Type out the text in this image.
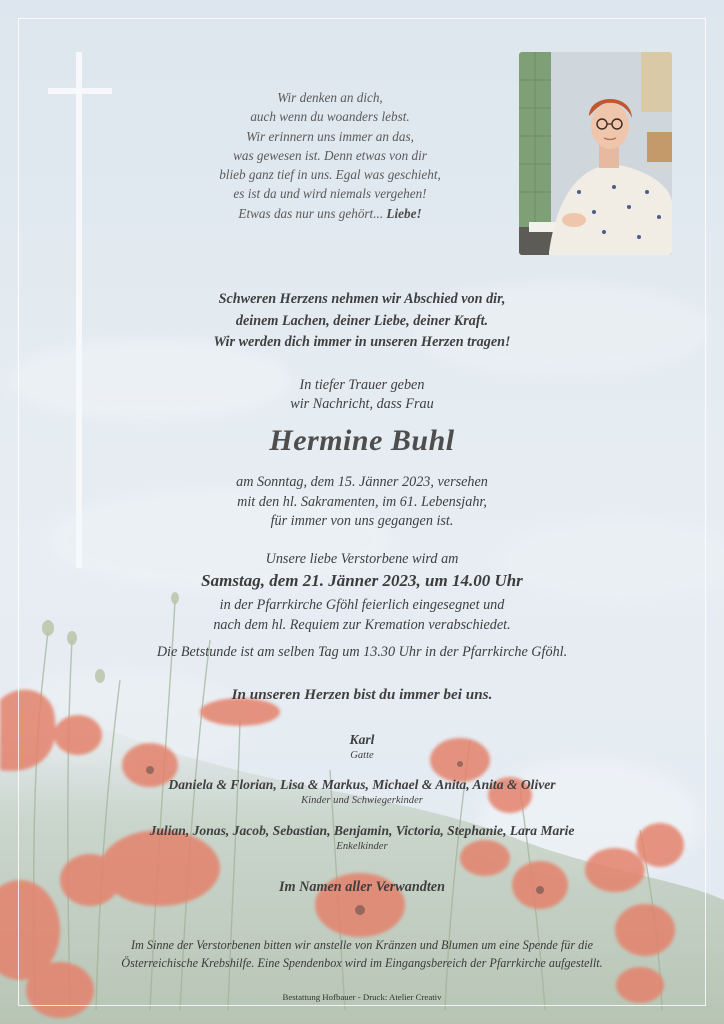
Wir denken an dich,
auch wenn du woanders lebst.
Wir erinnern uns immer an das,
was gewesen ist. Denn etwas von dir
blieb ganz tief in uns. Egal was geschieht,
es ist da und wird niemals vergehen!
Etwas das nur uns gehört... Liebe!
Schweren Herzens nehmen wir Abschied von dir,
deinem Lachen, deiner Liebe, deiner Kraft.
Wir werden dich immer in unseren Herzen tragen!
In tiefer Trauer geben
wir Nachricht, dass Frau
Hermine Buhl
am Sonntag, dem 15. Jänner 2023, versehen
mit den hl. Sakramenten, im 61. Lebensjahr,
für immer von uns gegangen ist.
Unsere liebe Verstorbene wird am
Samstag, dem 21. Jänner 2023, um 14.00 Uhr
in der Pfarrkirche Gföhl feierlich eingesegnet und
nach dem hl. Requiem zur Kremation verabschiedet.
Die Betstunde ist am selben Tag um 13.30 Uhr in der Pfarrkirche Gföhl.
In unseren Herzen bist du immer bei uns.
Karl
Gatte
Daniela & Florian, Lisa & Markus, Michael & Anita, Anita & Oliver
Kinder und Schwiegerkinder
Julian, Jonas, Jacob, Sebastian, Benjamin, Victoria, Stephanie, Lara Marie
Enkelkinder
Im Namen aller Verwandten
Im Sinne der Verstorbenen bitten wir anstelle von Kränzen und Blumen um eine Spende für die
Österreichische Krebshilfe. Eine Spendenbox wird im Eingangsbereich der Pfarrkirche aufgestellt.
Bestattung Hofbauer - Druck: Atelier Creativ
